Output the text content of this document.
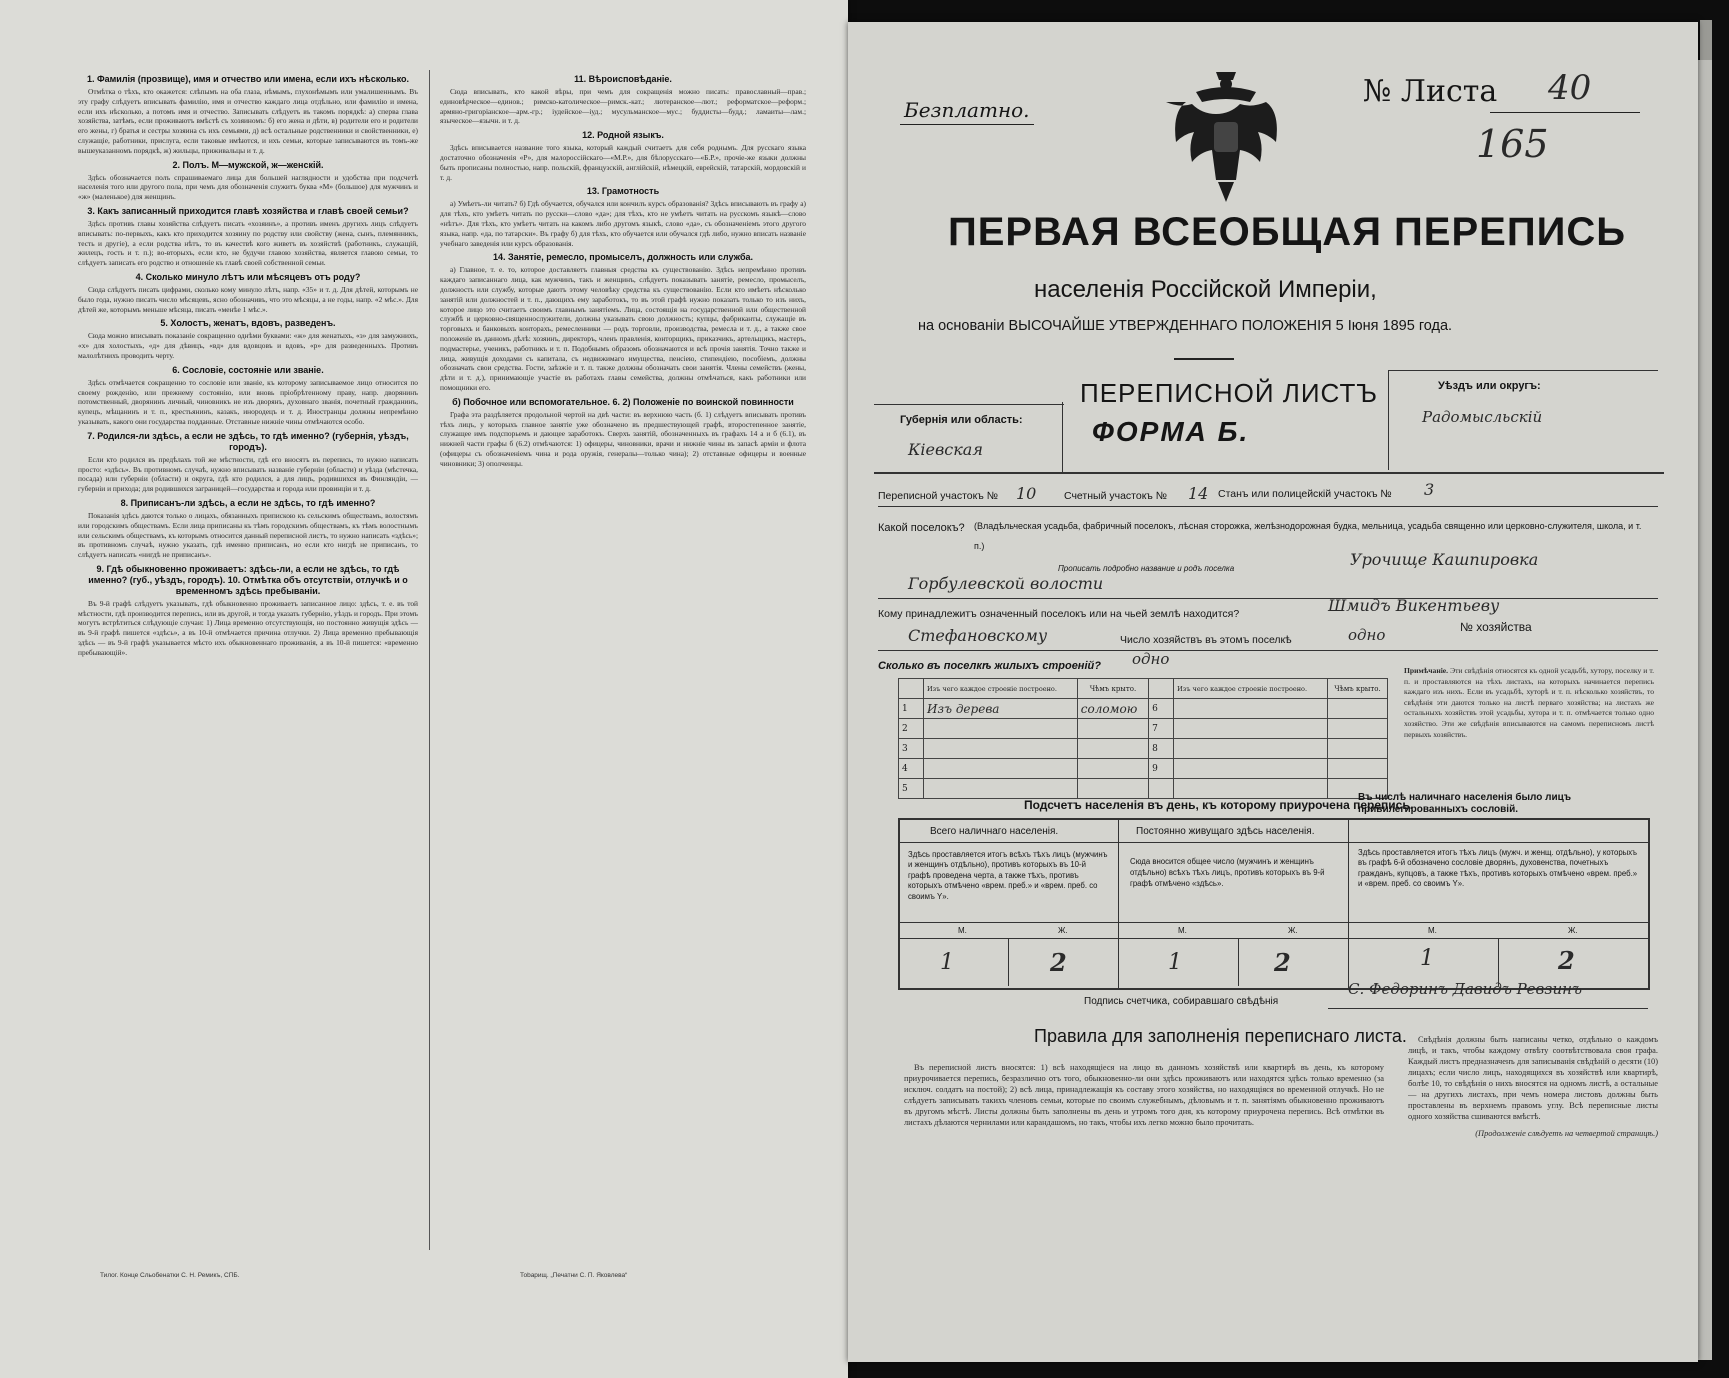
1. Фамилія (прозвище), имя и отчество или имена, если ихъ нѣсколько.

Отмѣтка о тѣхъ, кто окажется: слѣпымъ на оба глаза, нѣмымъ, глухонѣмымъ или умалишеннымъ. Въ эту графу слѣдуетъ вписывать фамилію, имя и отчество каждаго лица отдѣльно, или фамилію и имена, если ихъ нѣсколько, а потомъ имя и отчество. Записывать слѣдуетъ въ такомъ порядкѣ: а) сперва глава хозяйства, затѣмъ, если проживаютъ вмѣстѣ съ хозяиномъ: б) его жена и дѣти, в) родители его и родители его жены, г) братья и сестры хозяина съ ихъ семьями, д) всѣ остальные родственники и свойственники, е) служащіе, работники, прислуга, если таковые имѣются, и ихъ семьи, которые записываются въ томъ-же вышеуказанномъ порядкѣ, ж) жильцы, приживальцы и т. д.

2. Полъ. М—мужской, ж—женскій.

Здѣсь обозначается полъ спрашиваемаго лица для большей наглядности и удобства при подсчетѣ населенія того или другого пола, при чемъ для обозначенія служитъ буква «М» (большое) для мужчинъ и «ж» (маленькое) для женщинъ.

3. Какъ записанный приходится главѣ хозяйства и главѣ своей семьи?

Здѣсь противъ главы хозяйства слѣдуетъ писать «хозяинъ», а противъ именъ другихъ лицъ слѣдуетъ вписывать: по-первыхъ, какъ кто приходится хозяину по родству или свойству (жена, сынъ, племянникъ, тесть и другіе), а если родства нѣтъ, то въ качествѣ кого живетъ въ хозяйствѣ (работникъ, служащій, жилецъ, гость и т. п.); во-вторыхъ, если кто, не будучи главою хозяйства, является главою семьи, то слѣдуетъ записать его родство и отношеніе къ главѣ своей собственной семьи.

4. Сколько минуло лѣтъ или мѣсяцевъ отъ роду?

Сюда слѣдуетъ писать цифрами, сколько кому минуло лѣтъ, напр. «35» и т. д. Для дѣтей, которымъ не было года, нужно писать число мѣсяцевъ, ясно обозначивъ, что это мѣсяцы, а не годы, напр. «2 мѣс.». Для дѣтей же, которымъ меньше мѣсяца, писать «менѣе 1 мѣс.».

5. Холостъ, женатъ, вдовъ, разведенъ.

Сюда можно вписывать показаніе сокращенно однѣми буквами: «ж» для женатыхъ, «з» для замужнихъ, «х» для холостыхъ, «д» для дѣвицъ, «вд» для вдовцовъ и вдовъ, «р» для разведенныхъ. Противъ малолѣтнихъ проводить черту.

6. Сословіе, состояніе или званіе.

Здѣсь отмѣчается сокращенно то сословіе или званіе, къ которому записываемое лицо относится по своему рожденію, или прежнему состоянію, или вновь пріобрѣтенному праву, напр. дворянинъ потомственный, дворянинъ личный, чиновникъ не изъ дворянъ, духовнаго званія, почетный гражданинъ, купецъ, мѣщанинъ и т. п., крестьянинъ, казакъ, инородецъ и т. д. Иностранцы должны непремѣнно указывать, какого они государства подданные. Отставные нижніе чины отмѣчаются особо.

7. Родился-ли здѣсь, а если не здѣсь, то гдѣ именно? (губернія, уѣздъ, городъ).

Если кто родился въ предѣлахъ той же мѣстности, гдѣ его вносятъ въ перепись, то нужно написать просто: «здѣсь». Въ противномъ случаѣ, нужно вписывать названіе губерніи (области) и уѣзда (мѣстечка, посада) или губерніи (области) и округа, гдѣ кто родился, а для лицъ, родившихся въ Финляндіи, — губерніи и прихода; для родившихся заграницей—государства и города или провинціи и т. д.

8. Приписанъ-ли здѣсь, а если не здѣсь, то гдѣ именно?

Показанія здѣсь даются только о лицахъ, обязанныхъ припискою къ сельскимъ обществамъ, волостямъ или городскимъ обществамъ. Если лица приписаны къ тѣмъ городскимъ обществамъ, къ тѣмъ волостнымъ или сельскимъ обществамъ, къ которымъ относится данный переписной листъ, то нужно написать «здѣсь»; въ противномъ случаѣ, нужно указать, гдѣ именно приписанъ, но если кто нигдѣ не приписанъ, то слѣдуетъ написать «нигдѣ не приписанъ».

9. Гдѣ обыкновенно проживаетъ: здѣсь-ли, а если не здѣсь, то гдѣ именно? (губ., уѣздъ, городъ). 10. Отмѣтка объ отсутствіи, отлучкѣ и о временномъ здѣсь пребываніи.

Въ 9-й графѣ слѣдуетъ указывать, гдѣ обыкновенно проживаетъ записанное лицо: здѣсь, т. е. въ той мѣстности, гдѣ производится перепись, или въ другой, и тогда указать губернію, уѣздъ и городъ. При этомъ могутъ встрѣтиться слѣдующіе случаи: 1) Лица временно отсутствующія, но постоянно живущія здѣсь — въ 9-й графѣ пишется «здѣсь», а въ 10-й отмѣчается причина отлучки. 2) Лица временно пребывающія здѣсь — въ 9-й графѣ указывается мѣсто ихъ обыкновеннаго проживанія, а въ 10-й пишется: «временно пребывающій».

11. Вѣроисповѣданіе.

Сюда вписывать, кто какой вѣры, при чемъ для сокращенія можно писать: православный—прав.; единовѣрческое—единов.; римско-католическое—римск.-кат.; лютеранское—лют.; реформатское—реформ.; армяно-григоріанское—арм.-гр.; іудейское—іуд.; мусульманское—мус.; буддисты—будд.; ламаиты—лам.; языческое—язычн. и т. д.

12. Родной языкъ.

Здѣсь вписывается название того языка, который каждый считаетъ для себя роднымъ. Для русскаго языка достаточно обозначенія «Р», для малороссійскаго—«М.Р.», для бѣлорусскаго—«Б.Р.», прочіе-же языки должны быть прописаны полностью, напр. польскій, французскій, англійскій, нѣмецкій, еврейскій, татарскій, мордовскій и т. д.

13. Грамотность

а) Умѣетъ-ли читать? б) Гдѣ обучается, обучался или кончилъ курсъ образованія? Здѣсь вписывають въ графу а) для тѣхъ, кто умѣетъ читать по русски—слово «да»; для тѣхъ, кто не умѣетъ читать на русскомъ языкѣ—слово «нѣтъ». Для тѣхъ, кто умѣетъ читать на какомъ либо другомъ языкѣ, слово «да», съ обозначеніемъ этого другого языка, напр. «да, по татарски». Въ графу б) для тѣхъ, кто обучается или обучался гдѣ либо, нужно вписать названіе учебнаго заведенія или курсъ образованія.

14. Занятіе, ремесло, промыселъ, должность или служба.

а) Главное, т. е. то, которое доставляетъ главныя средства къ существованію. Здѣсь непремѣнно противъ каждаго записаннаго лица, как мужчинъ, такъ и женщинъ, слѣдуетъ показывать занятіе, ремесло, промыселъ, должность или службу, которые даютъ этому человѣку средства къ существованію. Если кто имѣетъ нѣсколько занятій или должностей и т. п., дающихъ ему заработокъ, то въ этой графѣ нужно показать только то изъ нихъ, которое лицо это считаетъ своимъ главнымъ занятіемъ. Лица, состоящія на государственной или общественной службѣ и церковно-священнослужители, должны указывать свою должность; купцы, фабриканты, служащіе въ торговыхъ и банковыхъ конторахъ, ремесленники — родъ торговли, производства, ремесла и т. д., а также свое положеніе въ данномъ дѣлѣ: хозяинъ, директоръ, членъ правленія, конторщикъ, приказчикъ, артельщикъ, мастеръ, подмастерье, ученикъ, работникъ и т. п. Подобнымъ образомъ обозначаются и всѣ прочія занятія. Точно также и лица, живущія доходами съ капитала, съ недвижимаго имущества, пенсіею, стипендіею, пособіемъ, должны обозначать свои средства. Гости, заѣзжіе и т. п. также должны обозначать свои занятія. Члены семействъ (жены, дѣти и т. д.), принимающіе участіе въ работахъ главы семейства, должны отмѣчаться, какъ работники или помощники его.

б) Побочное или вспомогательное. 6. 2) Положеніе по воинской повинности

Графа эта раздѣляется продольной чертой на двѣ части: въ верхнюю часть (б. 1) слѣдуетъ вписывать противъ тѣхъ лицъ, у которыхъ главное занятіе уже обозначено въ предшествующей графѣ, второстепенное занятіе, служащее имъ подспорьемъ и дающее заработокъ. Сверхъ занятій, обозначенныхъ въ графахъ 14 а и б (6.1), въ нижней части графы б (6.2) отмѣчаются: 1) офицеры, чиновники, врачи и нижніе чины въ запасѣ арміи и флота (офицеры съ обозначеніемъ чина и рода оружія, генералы—только чина); 2) отставные офицеры и военные чиновники; 3) ополченцы.

Тилог. Конце Сльобенатки С. Н. Ремикъ, СПБ.	Тоbарищ. „Печатни С. П. Яковлева“
Безплатно.
№ Листа 40
165
ПЕРВАЯ ВСЕОБЩАЯ ПЕРЕПИСЬ
населенія Россійской Имперіи,
на основаніи ВЫСОЧАЙШЕ УТВЕРЖДЕННАГО ПОЛОЖЕНІЯ 5 Іюня 1895 года.
ПЕРЕПИСНОЙ ЛИСТЪ
ФОРМА Б.
Губернія или область:
Кіевская
Уѣздъ или округъ:
Радомысльскій
Переписной участокъ № 10	Счетный участокъ № 14 Станъ или полицейскій участокъ № 3
Какой поселокъ? (Владѣльческая усадьба, фабричный поселокъ, лѣсная сторожка, желѣзнодорожная будка, мельница, усадьба священно или церковно-служителя, школа, и т. п.)
Прописать подробно название и родъ поселка	Урочище Кашпировка
Горбулевской волости
Кому принадлежитъ означенный поселокъ или на чьей землѣ находится?	Шмидъ Викентьеву
Стефановскому	Число хозяйствъ въ этомъ поселкѣ	одно	№ хозяйства
Сколько въ поселкѣ жилыхъ строеній? одно
	Изъ чего каждое строеніе построено.	Чѣмъ крыто.		Изъ чего каждое строеніе построено.	Чѣмъ крыто.
1	Изъ дерева	соломою	6		
2			7		
3			8		
4			9		
5					
Примѣчаніе. Эти свѣдѣнія относятся къ одной усадьбѣ, хутору, поселку и т. п. и проставляются на тѣхъ листахъ, на которыхъ начинается перепись каждаго изъ нихъ. Если въ усадьбѣ, хуторѣ и т. п. нѣсколько хозяйствъ, то свѣдѣнія эти даются только на листѣ перваго хозяйства; на листахъ же остальныхъ хозяйствъ этой усадьбы, хутора и т. п. отмѣчается только одно хозяйство. Эти же свѣдѣнія вписываются на самомъ переписномъ листѣ первыхъ хозяйствъ.
Подсчетъ населенія въ день, къ которому приурочена перепись.
Всего наличнаго населенія.	Постоянно живущаго здѣсь населенія.
Въ числѣ наличнаго населенія было лицъ привилегированныхъ сословій.
Здѣсь проставляется итогъ всѣхъ тѣхъ лицъ (мужчинъ и женщинъ отдѣльно), противъ которыхъ въ 10-й графѣ проведена черта, а также тѣхъ, противъ которыхъ отмѣчено «врем. преб.» и «врем. преб. со своимъ Y».
Сюда вносится общее число (мужчинъ и женщинъ отдѣльно) всѣхъ тѣхъ лицъ, противъ которыхъ въ 9-й графѣ отмѣчено «здѣсь».
Здѣсь проставляется итогъ тѣхъ лицъ (мужч. и женщ. отдѣльно), у которыхъ въ графѣ 6-й обозначено сословіе дворянъ, духовенства, почетныхъ гражданъ, купцовъ, а также тѣхъ, противъ которыхъ отмѣчено «врем. преб.» и «врем. преб. со своимъ Y».
М.	Ж.	М.	Ж.	М.	Ж.
1	2	1	2	1	2
Подпись счетчика, собиравшаго свѣдѣнія
С. Федоринъ Давидъ Ревзинъ
Правила для заполненія переписнаго листа.

Въ переписной листъ вносятся: 1) всѣ находящіеся на лицо въ данномъ хозяйствѣ или квартирѣ въ день, къ которому приурочивается перепись, безразлично отъ того, обыкновенно-ли они здѣсь проживаютъ или находятся здѣсь только временно (за исключ. солдатъ на постой); 2) всѣ лица, принадлежащія къ составу этого хозяйства, но находящіяся во временной отлучкѣ. Но не слѣдуетъ записывать такихъ членовъ семьи, которые по своимъ служебнымъ, дѣловымъ и т. п. занятіямъ обыкновенно проживаютъ въ другомъ мѣстѣ. Листы должны быть заполнены въ день и утромъ того дня, къ которому приурочена перепись. Всѣ отмѣтки въ листахъ дѣлаются чернилами или карандашомъ, но такъ, чтобы ихъ легко можно было прочитать.

Свѣдѣнія должны быть написаны четко, отдѣльно о каждомъ лицѣ, и такъ, чтобы каждому отвѣту соотвѣтствовала своя графа. Каждый листъ предназначенъ для записыванія свѣдѣній о десяти (10) лицахъ; если число лицъ, находящихся въ хозяйствѣ или квартирѣ, болѣе 10, то свѣдѣнія о нихъ вносятся на одномъ листѣ, а остальные — на другихъ листахъ, при чемъ номера листовъ должны быть проставлены въ верхнемъ правомъ углу. Всѣ переписные листы одного хозяйства сшиваются вмѣстѣ.

(Продолженіе слѣдуетъ на четвертой страницѣ.)
